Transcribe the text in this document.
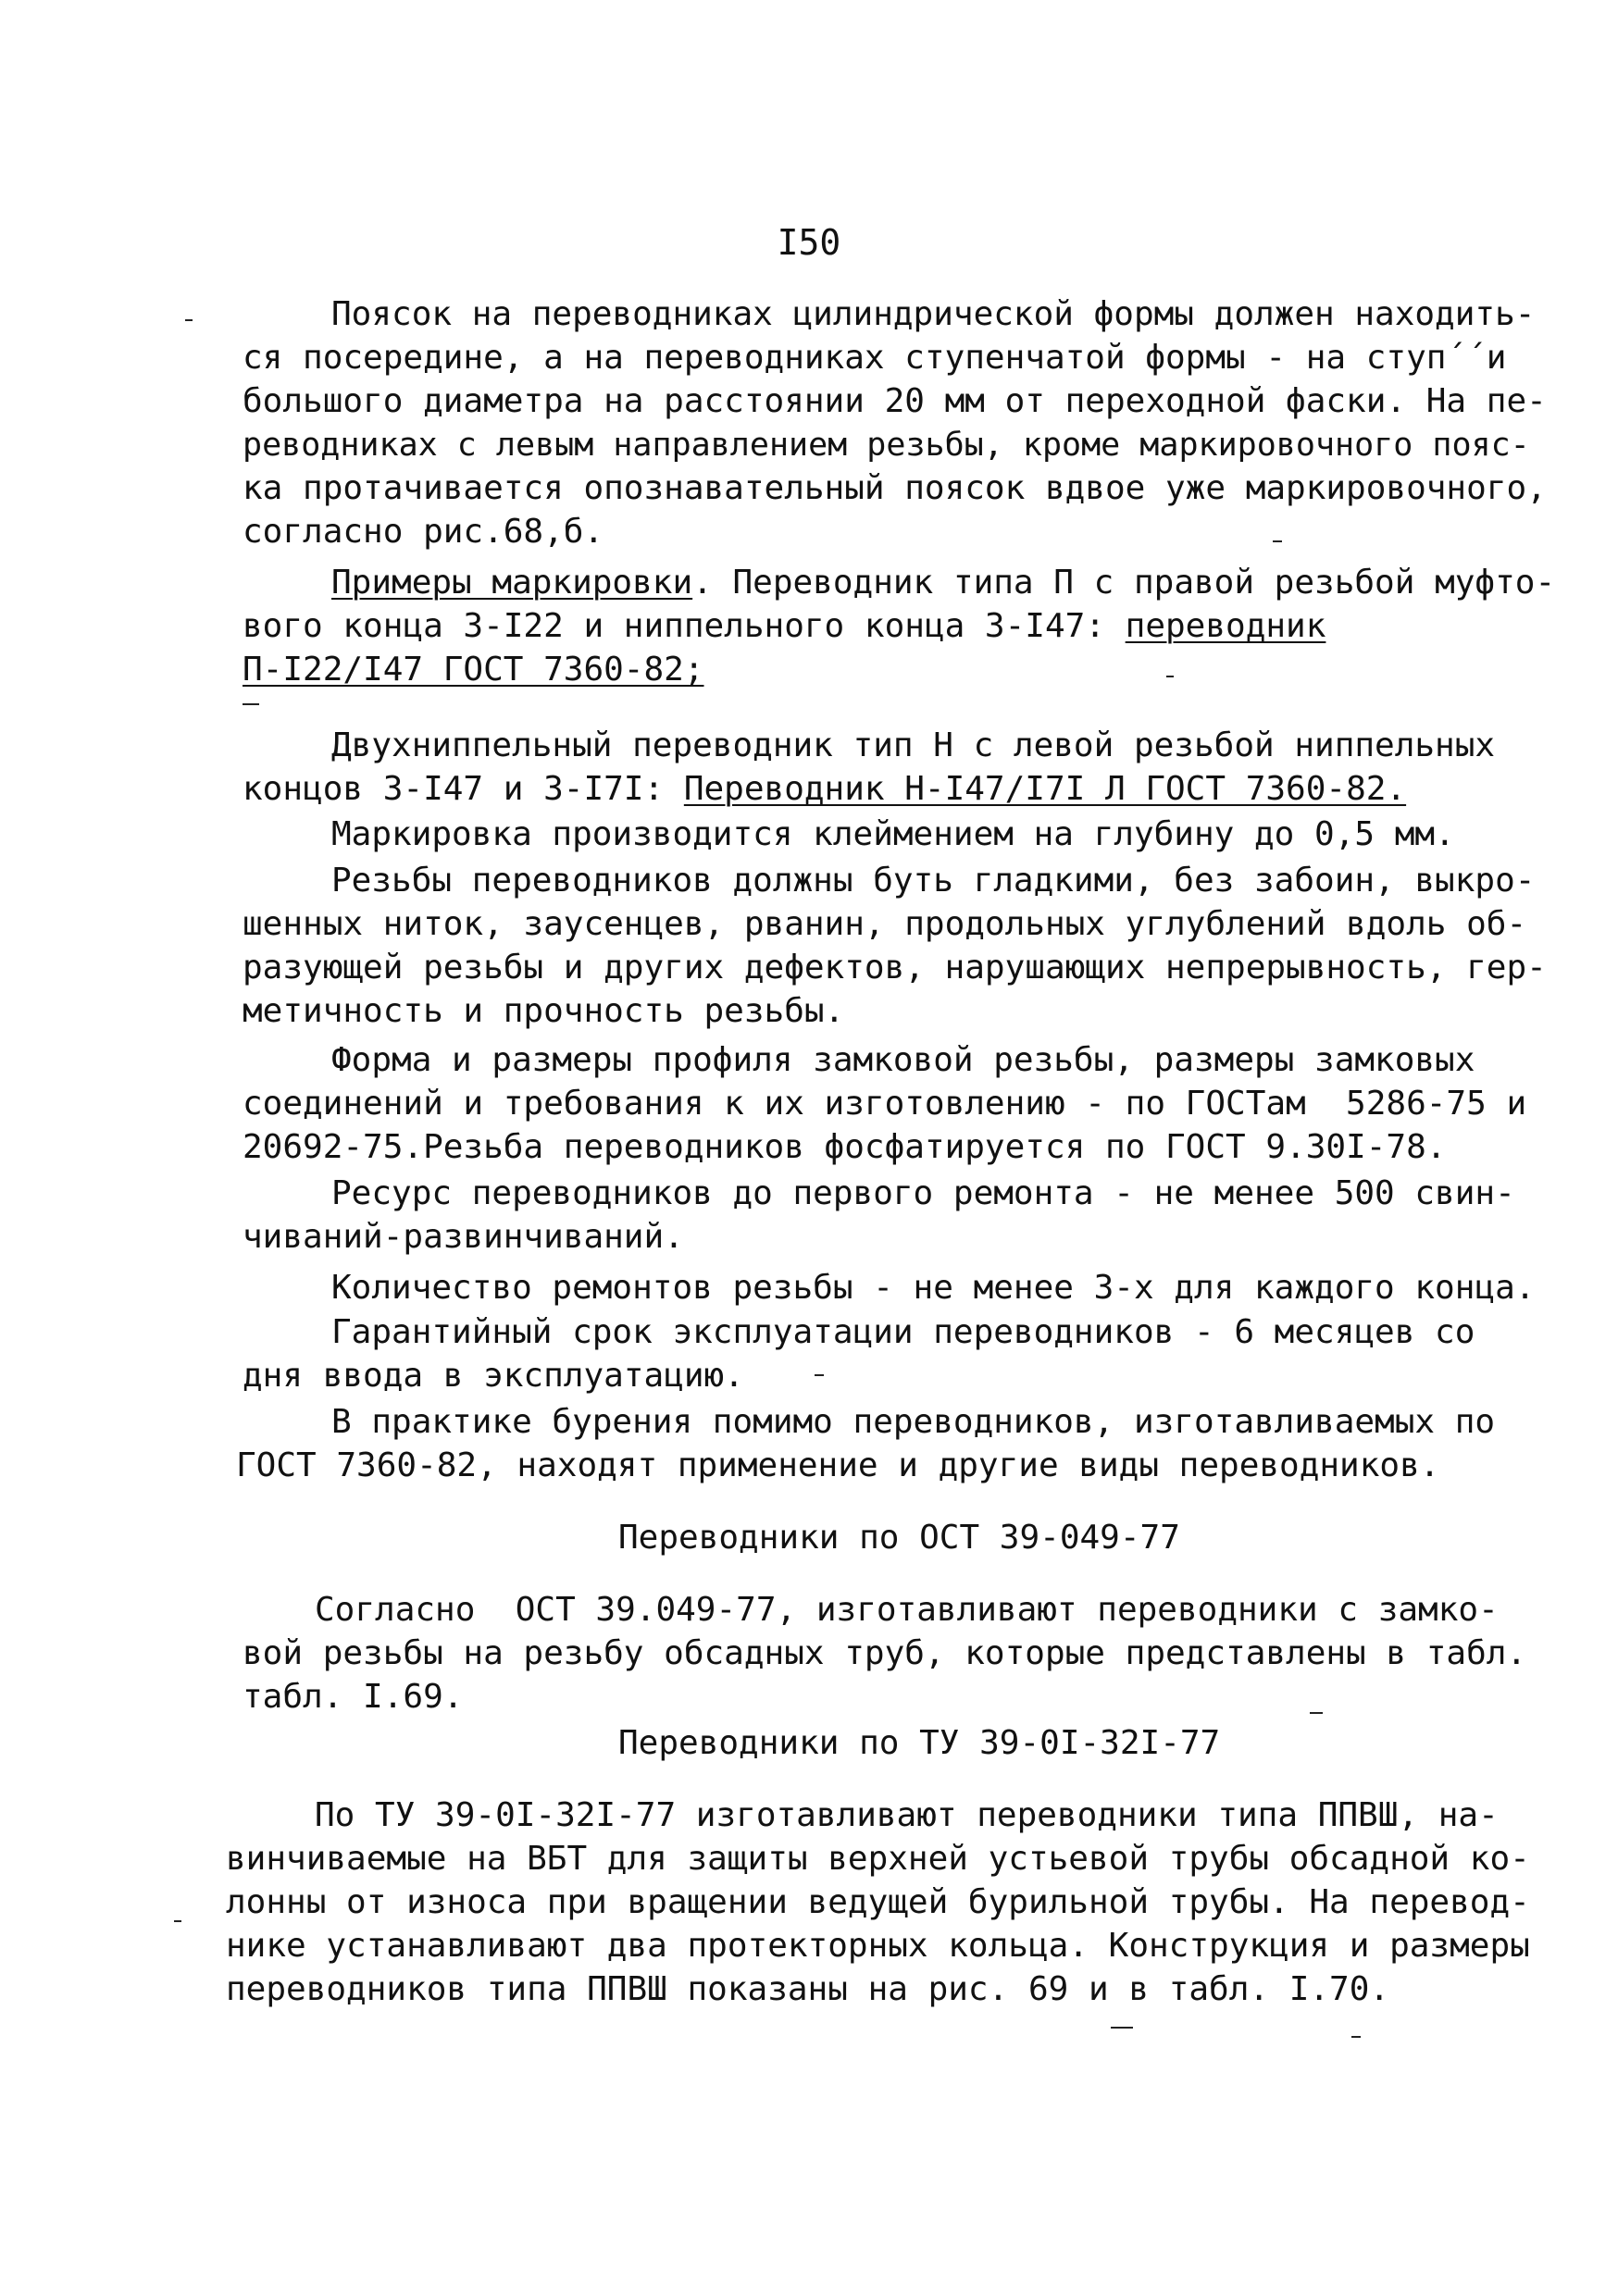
I50
Поясок на переводниках цилиндрической формы должен находить-
ся посередине, а на переводниках ступенчатой формы - на ступ´´и
большого диаметра на расстоянии 20 мм от переходной фаски. На пе-
реводниках с левым направлением резьбы, кроме маркировочного пояс-
ка протачивается опознавательный поясок вдвое уже маркировочного,
согласно рис.68,б.
Примеры маркировки. Переводник типа П с правой резьбой муфто-
вого конца З-I22 и ниппельного конца З-I47: переводник
П-I22/I47 ГОСТ 7360-82;
Двухниппельный переводник тип Н с левой резьбой ниппельных
концов З-I47 и З-I7I: Переводник Н-I47/I7I Л ГОСТ 7360-82.
Маркировка производится клеймением на глубину до 0,5 мм.
Резьбы переводников должны буть гладкими, без забоин, выкро-
шенных ниток, заусенцев, рванин, продольных углублений вдоль об-
разующей резьбы и других дефектов, нарушающих непрерывность, гер-
метичность и прочность резьбы.
Форма и размеры профиля замковой резьбы, размеры замковых
соединений и требования к их изготовлению - по ГОСТам  5286-75 и
20692-75.Резьба переводников фосфатируется по ГОСТ 9.30I-78.
Ресурс переводников до первого ремонта - не менее 500 свин-
чиваний-развинчиваний.
Количество ремонтов резьбы - не менее 3-х для каждого конца.
Гарантийный срок эксплуатации переводников - 6 месяцев со
дня ввода в эксплуатацию.
В практике бурения помимо переводников, изготавливаемых по
ГОСТ 7360-82, находят применение и другие виды переводников.
Переводники по ОСТ 39-049-77
Согласно  ОСТ 39.049-77, изготавливают переводники с замко-
вой резьбы на резьбу обсадных труб, которые представлены в табл.
табл. I.69.
Переводники по ТУ 39-0I-32I-77
По ТУ 39-0I-32I-77 изготавливают переводники типа ППВШ, на-
винчиваемые на ВБТ для защиты верхней устьевой трубы обсадной ко-
лонны от износа при вращении ведущей бурильной трубы. На перевод-
нике устанавливают два протекторных кольца. Конструкция и размеры
переводников типа ППВШ показаны на рис. 69 и в табл. I.70.
